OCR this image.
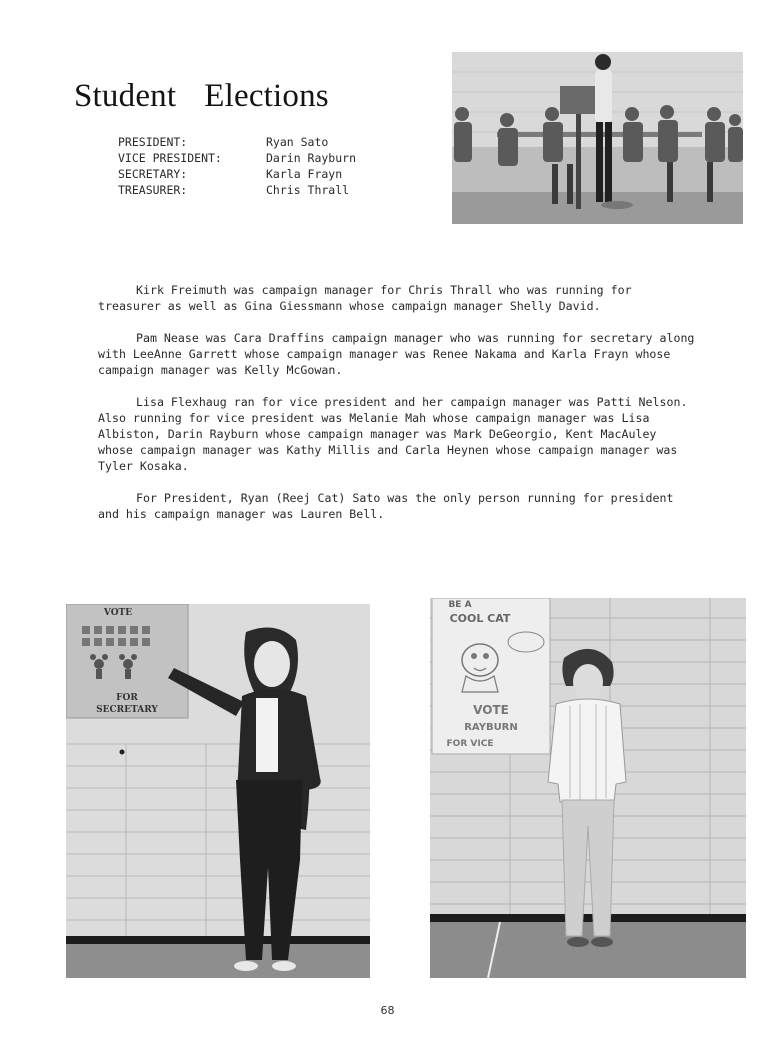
Student Elections
PRESIDENT:	Ryan Sato
VICE PRESIDENT:	Darin Rayburn
SECRETARY:	Karla Frayn
TREASURER:	Chris Thrall

Kirk Freimuth was campaign manager for Chris Thrall who was running for treasurer as well as Gina Giessmann whose campaign manager Shelly David.

Pam Nease was Cara Draffins campaign manager who was running for secretary along with LeeAnne Garrett whose campaign manager was Renee Nakama and Karla Frayn whose campaign manager was Kelly McGowan.

Lisa Flexhaug ran for vice president and her campaign manager was Patti Nelson. Also running for vice president was Melanie Mah whose campaign manager was Lisa Albiston, Darin Rayburn whose campaign manager was Mark DeGeorgio, Kent MacAuley whose campaign manager was Kathy Millis and Carla Heynen whose campaign manager was Tyler Kosaka.

For President, Ryan (Reej Cat) Sato was the only person running for president and his campaign manager was Lauren Bell.

VOTE
FOR
SECRETARY
BE A
COOL CAT
VOTE
RAYBURN
FOR VICE
68
